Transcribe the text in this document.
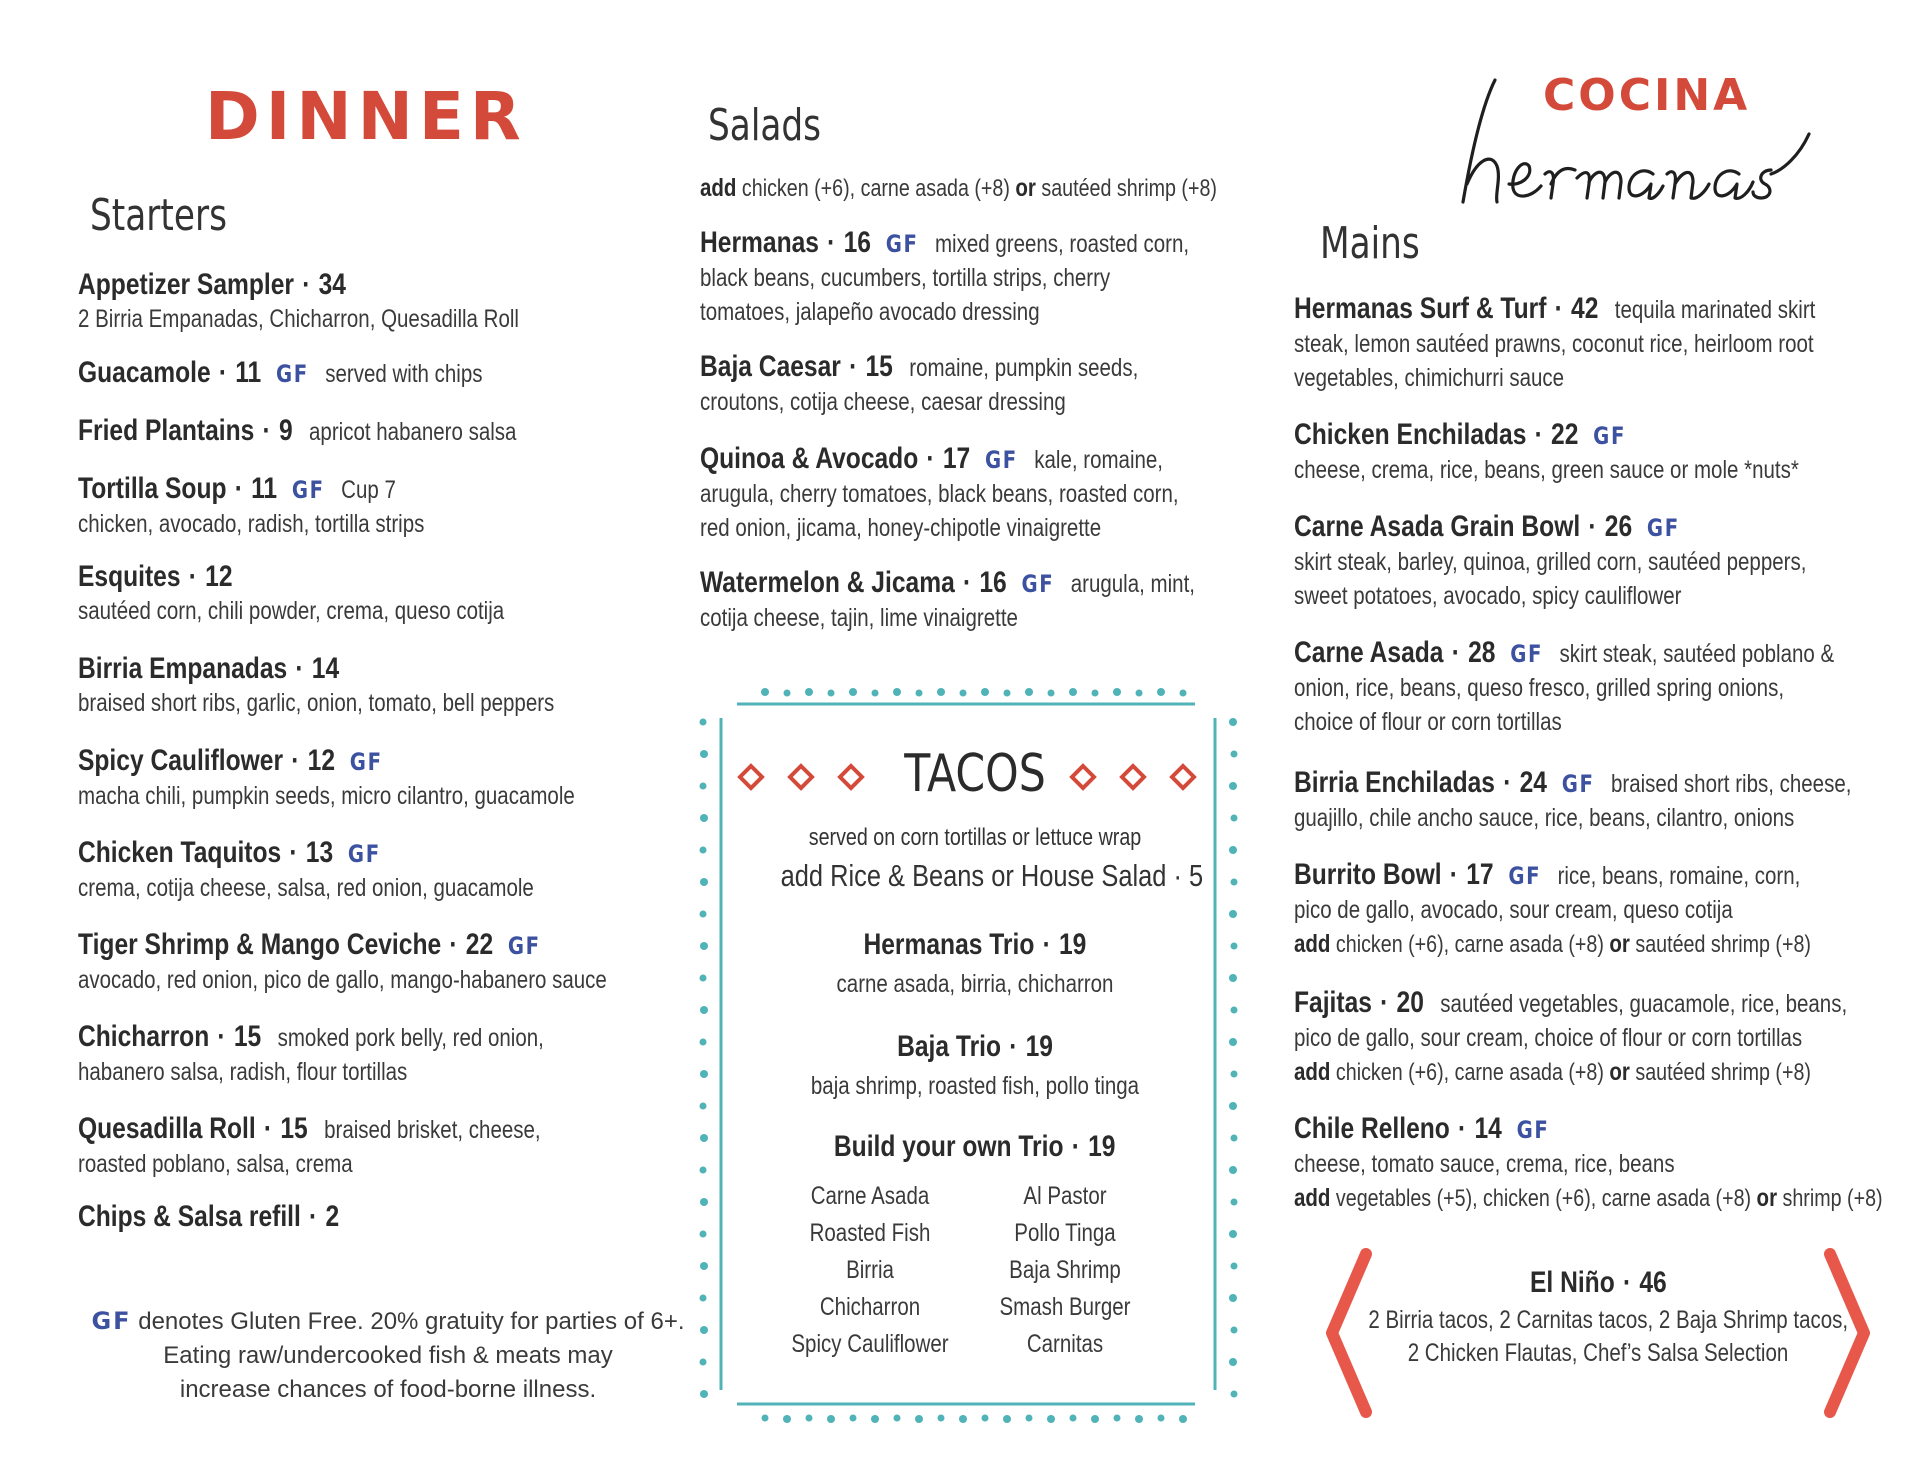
DINNER
Starters
Salads
Mains
COCINA
Appetizer Sampler · 34
2 Birria Empanadas, Chicharron, Quesadilla Roll
Guacamole · 11 GF served with chips
Fried Plantains · 9 apricot habanero salsa
Tortilla Soup · 11 GF Cup 7
chicken, avocado, radish, tortilla strips
Esquites · 12
sautéed corn, chili powder, crema, queso cotija
Birria Empanadas · 14
braised short ribs, garlic, onion, tomato, bell peppers
Spicy Cauliflower · 12 GF
macha chili, pumpkin seeds, micro cilantro, guacamole
Chicken Taquitos · 13 GF
crema, cotija cheese, salsa, red onion, guacamole
Tiger Shrimp & Mango Ceviche · 22 GF
avocado, red onion, pico de gallo, mango-habanero sauce
Chicharron · 15 smoked pork belly, red onion,
habanero salsa, radish, flour tortillas
Quesadilla Roll · 15 braised brisket, cheese,
roasted poblano, salsa, crema
Chips & Salsa refill · 2
GF denotes Gluten Free. 20% gratuity for parties of 6+.
Eating raw/undercooked fish & meats may
increase chances of food-borne illness.
add chicken (+6), carne asada (+8) or sautéed shrimp (+8)
Hermanas · 16 GF mixed greens, roasted corn,
black beans, cucumbers, tortilla strips, cherry
tomatoes, jalapeño avocado dressing
Baja Caesar · 15 romaine, pumpkin seeds,
croutons, cotija cheese, caesar dressing
Quinoa & Avocado · 17 GF kale, romaine,
arugula, cherry tomatoes, black beans, roasted corn,
red onion, jicama, honey-chipotle vinaigrette
Watermelon & Jicama · 16 GF arugula, mint,
cotija cheese, tajin, lime vinaigrette
TACOS
served on corn tortillas or lettuce wrap
add Rice & Beans or House Salad · 5
Hermanas Trio · 19
carne asada, birria, chicharron
Baja Trio · 19
baja shrimp, roasted fish, pollo tinga
Build your own Trio · 19
Carne Asada
Roasted Fish
Birria
Chicharron
Spicy Cauliflower
Al Pastor
Pollo Tinga
Baja Shrimp
Smash Burger
Carnitas
Hermanas Surf & Turf · 42 tequila marinated skirt
steak, lemon sautéed prawns, coconut rice, heirloom root
vegetables, chimichurri sauce
Chicken Enchiladas · 22 GF
cheese, crema, rice, beans, green sauce or mole *nuts*
Carne Asada Grain Bowl · 26 GF
skirt steak, barley, quinoa, grilled corn, sautéed peppers,
sweet potatoes, avocado, spicy cauliflower
Carne Asada · 28 GF skirt steak, sautéed poblano &
onion, rice, beans, queso fresco, grilled spring onions,
choice of flour or corn tortillas
Birria Enchiladas · 24 GF braised short ribs, cheese,
guajillo, chile ancho sauce, rice, beans, cilantro, onions
Burrito Bowl · 17 GF rice, beans, romaine, corn,
pico de gallo, avocado, sour cream, queso cotija
add chicken (+6), carne asada (+8) or sautéed shrimp (+8)
Fajitas · 20 sautéed vegetables, guacamole, rice, beans,
pico de gallo, sour cream, choice of flour or corn tortillas
add chicken (+6), carne asada (+8) or sautéed shrimp (+8)
Chile Relleno · 14 GF
cheese, tomato sauce, crema, rice, beans
add vegetables (+5), chicken (+6), carne asada (+8) or shrimp (+8)
El Niño · 46
2 Birria tacos, 2 Carnitas tacos, 2 Baja Shrimp tacos,
2 Chicken Flautas, Chef’s Salsa Selection
